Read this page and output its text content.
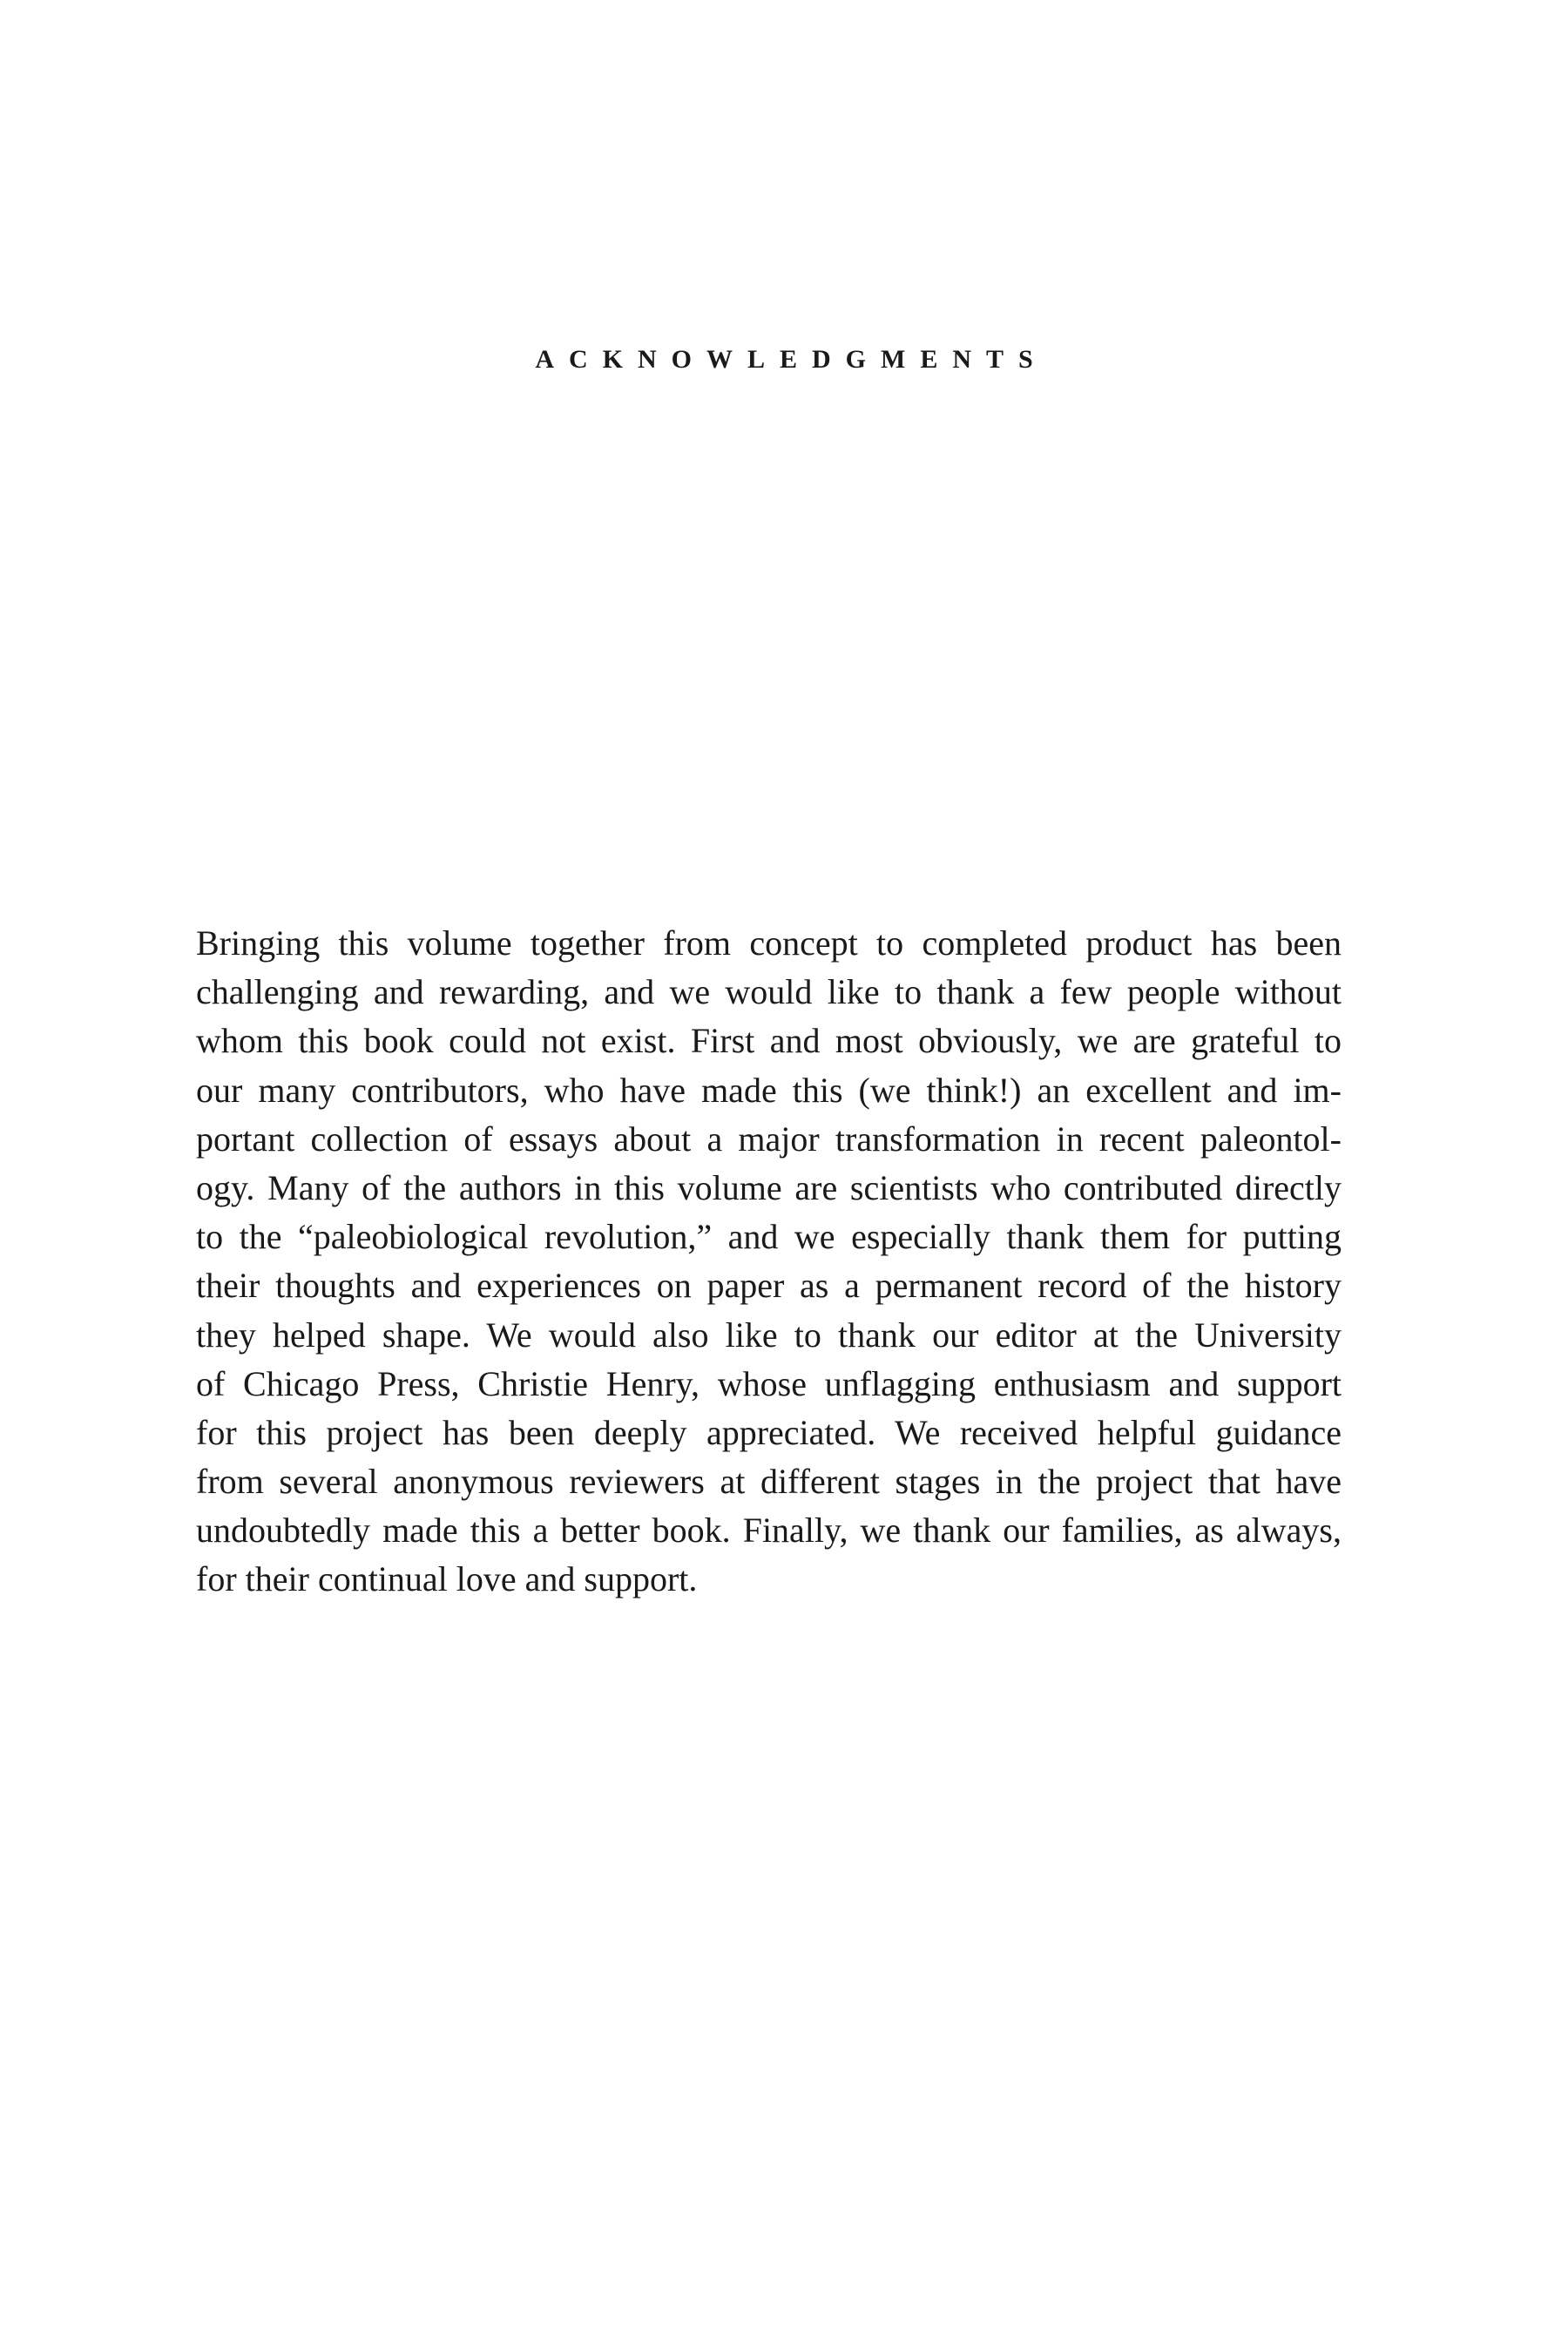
ACKNOWLEDGMENTS
Bringing this volume together from concept to completed product has been
challenging and rewarding, and we would like to thank a few people without
whom this book could not exist. First and most obviously, we are grateful to
our many contributors, who have made this (we think!) an excellent and im-
portant collection of essays about a major transformation in recent paleontol-
ogy. Many of the authors in this volume are scientists who contributed directly
to the “paleobiological revolution,” and we especially thank them for putting
their thoughts and experiences on paper as a permanent record of the history
they helped shape. We would also like to thank our editor at the University
of Chicago Press, Christie Henry, whose unflagging enthusiasm and support
for this project has been deeply appreciated. We received helpful guidance
from several anonymous reviewers at different stages in the project that have
undoubtedly made this a better book. Finally, we thank our families, as always,
for their continual love and support.
